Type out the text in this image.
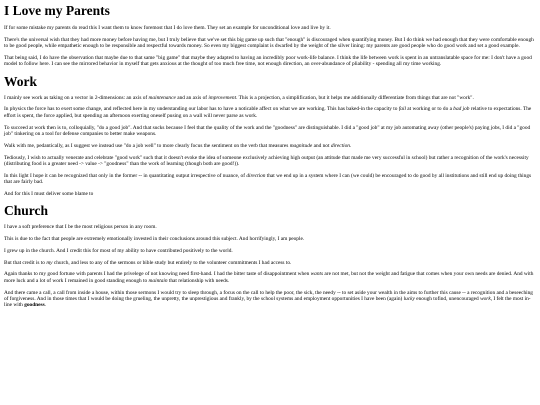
I Love my Parents

If for some mistake my parents do read this I want them to know foremost that I do love them. They set an example for unconditional love and live by it.

There's the universal wish that they had more money before having me, but I truly believe that we've set this big game up such that "enough" is discouraged when quantifying money. But I do think we had enough that they were comfortable enough to be good people, while empathetic enough to be responsible and respectful towards money. So even my biggest complaint is dwarfed by the weight of the silver lining: my parents are good people who do good work and set a good example.

That being said, I do have the observation that maybe due to that same "big game" that maybe they adapted to having an incredibly poor work-life balance. I think the life between work is spent in an untranslatable space for me: I don't have a good model to follow here. I can see the mirrored behavior in myself that gets anxious at the thought of too much free time, not enough direction, an over-abundance of pliability - spending all my time working.

Work

I mainly see work as taking on a vector in 2-dimensions: an axis of maintenance and an axis of improvement. This is a projection, a simplification, but it helps me additionally differentiate from things that are not "work".

In physics the force has to exert some change, and reflected here in my understanding our labor has to have a noticable affect on what we are working. This has baked-in the capacity to fail at working or to do a bad job relative to expectations. The effort is spent, the force applied, but spending an afternoon exerting oneself pusing on a wall will never parse as work.

To succeed at work then is to, colloquially, "do a good job". And that sucks because I feel that the quality of the work and the "goodness" are distinguishable. I did a "good job" at my job automating away (other people's) paying jobs, I did a "good job" tinkering on a tool for defense companies to better make weapons.

Walk with me, pedantically, as I suggest we instead use "do a job well" to more clearly focus the sentiment on the verb that measures magnitude and not direction.

Tediously, I wish to actually venerate and celebrate "good work" such that it doesn't evoke the idea of someone exclusively achieving high output (an attitude that made me very successful in school) but rather a recognition of the work's necessity (distributing food is a greater need -> value -> "goodness" than the work of learning (though both are good!)).

In this light I hope it can be recognized that only in the former -- in quantitating output irrespective of nuance, of direction that we end up in a system where I can (we could) be encouraged to do good by all institutions and still end up doing things that are fairly bad.

And for this I must deliver some blame to

Church

I have a soft preference that I be the most religious person in any room.

This is due to the fact that people are extremely emotionally invested in their conclusions around this subject. And horrifyingly, I am people.

I grew up in the church. And I credit this for most of my ability to have contributed positively to the world.

But that credit is to my church, and less to any of the sermons or bible study but entirely to the volunteer commitments I had access to.

Again thanks to my good fortune with parents I had the privelege of not knowing need first-hand. I had the bitter taste of disappointment when wants are not met, but not the weight and fatigue that comes when your own needs are denied. And with more luck and a lot of work I remained in good standing enough to maintain that relationship with needs.

And there came a call, a call from inside a house, within those sermons I would try to sleep through, a focus on the call to help the poor, the sick, the needy -- to set aside your wealth in the aims to further this cause -- a recognition and a beseeching of forgiveness. And in those times that I would be doing the grueling, the unpretty, the unprestigious and frankly, by the school systems and employment opportunities I have been (again) lucky enough tofind, unencouraged work, I felt the most in-line with goodness.
